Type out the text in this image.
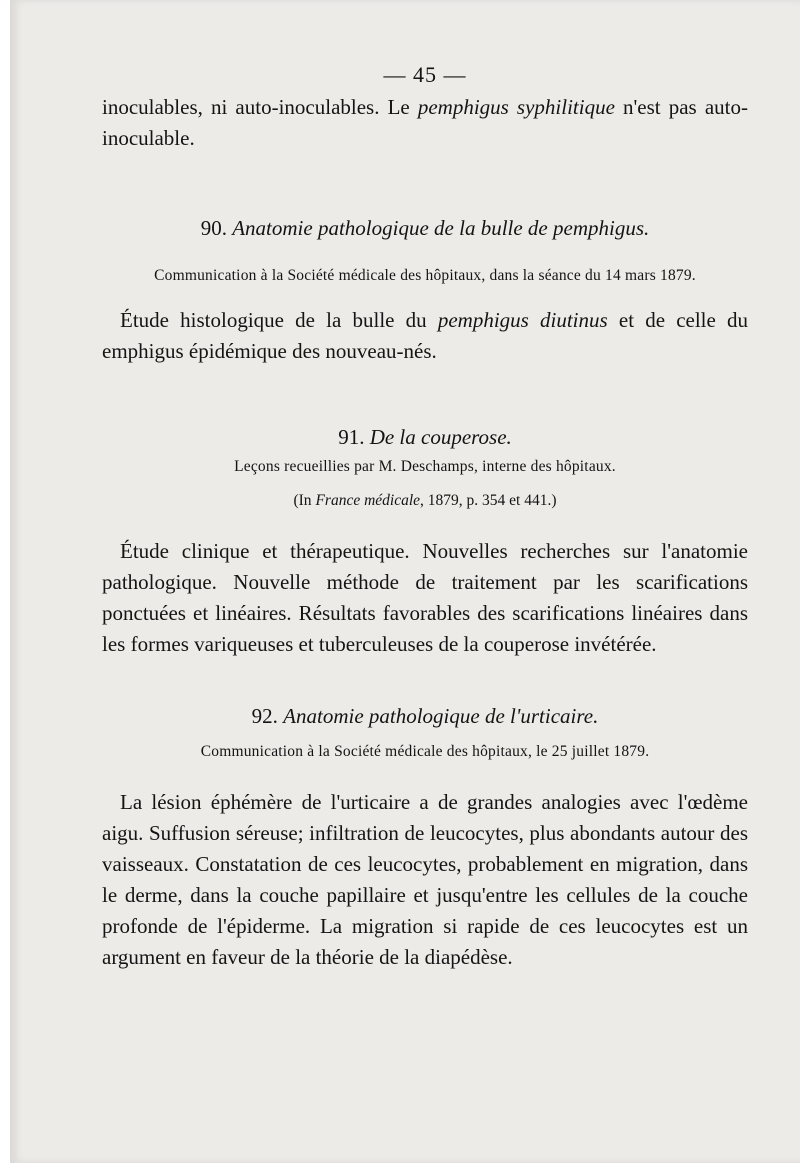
— 45 —

inoculables, ni auto-inoculables. Le pemphigus syphilitique n'est pas auto-inoculable.

90. Anatomie pathologique de la bulle de pemphigus.

Communication à la Société médicale des hôpitaux, dans la séance du 14 mars 1879.

Étude histologique de la bulle du pemphigus diutinus et de celle du emphigus épidémique des nouveau-nés.

91. De la couperose.

Leçons recueillies par M. Deschamps, interne des hôpitaux.

(In France médicale, 1879, p. 354 et 441.)

Étude clinique et thérapeutique. Nouvelles recherches sur l'anatomie pathologique. Nouvelle méthode de traitement par les scarifications ponctuées et linéaires. Résultats favorables des scarifications linéaires dans les formes variqueuses et tuberculeuses de la couperose invétérée.

92. Anatomie pathologique de l'urticaire.

Communication à la Société médicale des hôpitaux, le 25 juillet 1879.

La lésion éphémère de l'urticaire a de grandes analogies avec l'œdème aigu. Suffusion séreuse; infiltration de leucocytes, plus abondants autour des vaisseaux. Constatation de ces leucocytes, probablement en migration, dans le derme, dans la couche papillaire et jusqu'entre les cellules de la couche profonde de l'épiderme. La migration si rapide de ces leucocytes est un argument en faveur de la théorie de la diapédèse.
